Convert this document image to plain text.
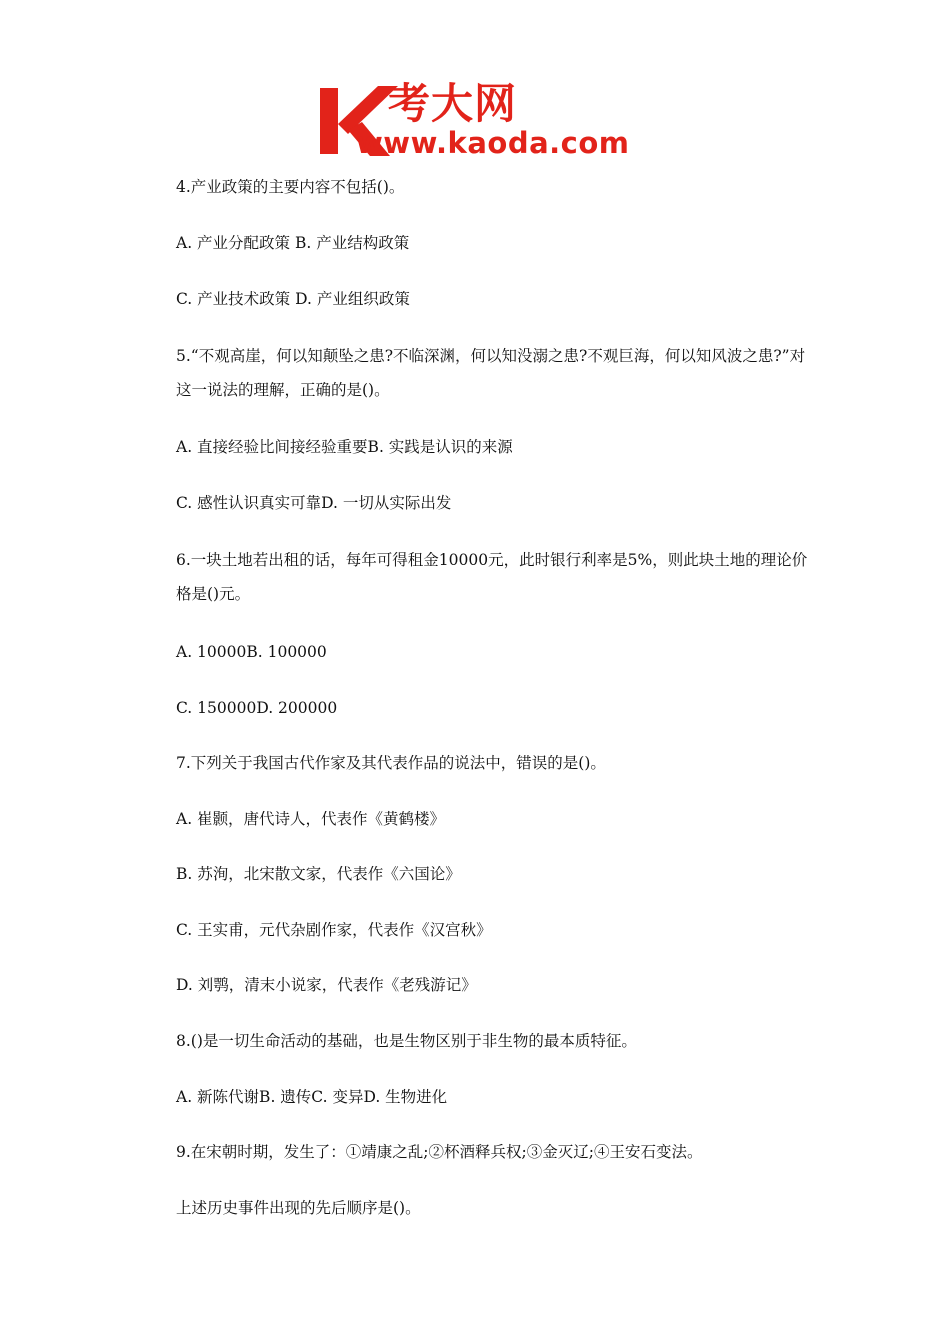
考大网
www.kaoda.com
4.产业政策的主要内容不包括()。
A. 产业分配政策 B. 产业结构政策
C. 产业技术政策 D. 产业组织政策
5.“不观高崖，何以知颠坠之患?不临深渊，何以知没溺之患?不观巨海，何以知风波之患?”对这一说法的理解，正确的是()。
A. 直接经验比间接经验重要B. 实践是认识的来源
C. 感性认识真实可靠D. 一切从实际出发
6.一块土地若出租的话，每年可得租金10000元，此时银行利率是5%，则此块土地的理论价格是()元。
A. 10000B. 100000
C. 150000D. 200000
7.下列关于我国古代作家及其代表作品的说法中，错误的是()。
A. 崔颢，唐代诗人，代表作《黄鹤楼》
B. 苏洵，北宋散文家，代表作《六国论》
C. 王实甫，元代杂剧作家，代表作《汉宫秋》
D. 刘鹗，清末小说家，代表作《老残游记》
8.()是一切生命活动的基础，也是生物区别于非生物的最本质特征。
A. 新陈代谢B. 遗传C. 变异D. 生物进化
9.在宋朝时期，发生了：①靖康之乱;②杯酒释兵权;③金灭辽;④王安石变法。
上述历史事件出现的先后顺序是()。
